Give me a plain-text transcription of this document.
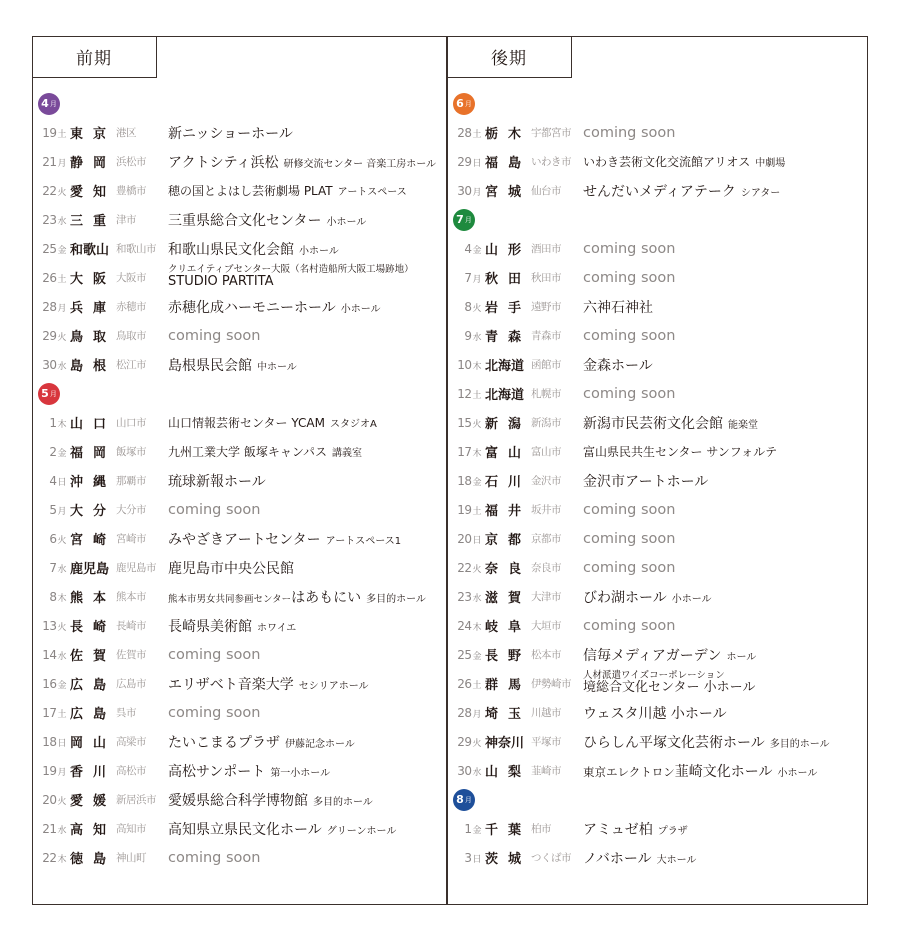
前期
4 月
19土 東京 港区	新ニッショーホール
21月 静岡 浜松市	アクトシティ浜松 研修交流センター 音楽工房ホール
22火 愛知 豊橋市	穂の国とよはし芸術劇場 PLAT アートスペース
23水 三重 津市	三重県総合文化センター 小ホール
25金 和歌山 和歌山市 和歌山県民文化会館 小ホール
26土 大阪 大阪市
クリエイティブセンター大阪（名村造船所大阪工場跡地）
STUDIO PARTITA
28月 兵庫 赤穂市	赤穂化成ハーモニーホール 小ホール
29火 鳥取 鳥取市	coming soon
30水 島根 松江市	島根県民会館 中ホール
5 月
1木 山口 山口市	山口情報芸術センター YCAM スタジオA
2金 福岡 飯塚市	九州工業大学 飯塚キャンパス 講義室
4日 沖縄 那覇市	琉球新報ホール
5月 大分 大分市	coming soon
6火 宮崎 宮崎市	みやざきアートセンター アートスペース1
7水 鹿児島 鹿児島市 鹿児島市中央公民館
8木 熊本 熊本市	熊本市男女共同参画センターはあもにい 多目的ホール
13火 長崎 長崎市	長崎県美術館 ホワイエ
14水 佐賀 佐賀市	coming soon
16金 広島 広島市	エリザベト音楽大学 セシリアホール
17土 広島 呉市	coming soon
18日 岡山 高梁市	たいこまるプラザ 伊藤記念ホール
19月 香川 高松市	高松サンポート 第一小ホール
20火 愛媛 新居浜市 愛媛県総合科学博物館 多目的ホール
21水 高知 高知市	高知県立県民文化ホール グリーンホール
22木 徳島 神山町	coming soon
後期
6 月
28土 栃木 宇都宮市 coming soon
29日 福島 いわき市	いわき芸術文化交流館アリオス 中劇場
30月 宮城 仙台市	せんだいメディアテーク シアター
7 月
4金 山形 酒田市	coming soon
7月 秋田 秋田市	coming soon
8火 岩手 遠野市	六神石神社
9水 青森 青森市	coming soon
10木 北海道 函館市	金森ホール
12土 北海道 札幌市	coming soon
15火 新潟 新潟市	新潟市民芸術文化会館 能楽堂
17木 富山 富山市	富山県民共生センター サンフォルテ
18金 石川 金沢市	金沢市アートホール
19土 福井 坂井市	coming soon
20日 京都 京都市	coming soon
22火 奈良 奈良市	coming soon
23水 滋賀 大津市	びわ湖ホール 小ホール
24木 岐阜 大垣市	coming soon
25金 長野 松本市	信毎メディアガーデン ホール
26土 群馬 伊勢崎市
人材派遣ワイズコーポレーション
境総合文化センター 小ホール
28月 埼玉 川越市	ウェスタ川越 小ホール
29火 神奈川 平塚市	ひらしん平塚文化芸術ホール 多目的ホール
30水 山梨 韮崎市	東京エレクトロン韮崎文化ホール 小ホール
8 月
1金 千葉 柏市	アミュゼ柏 プラザ
3日 茨城 つくば市 ノバホール 大ホール
